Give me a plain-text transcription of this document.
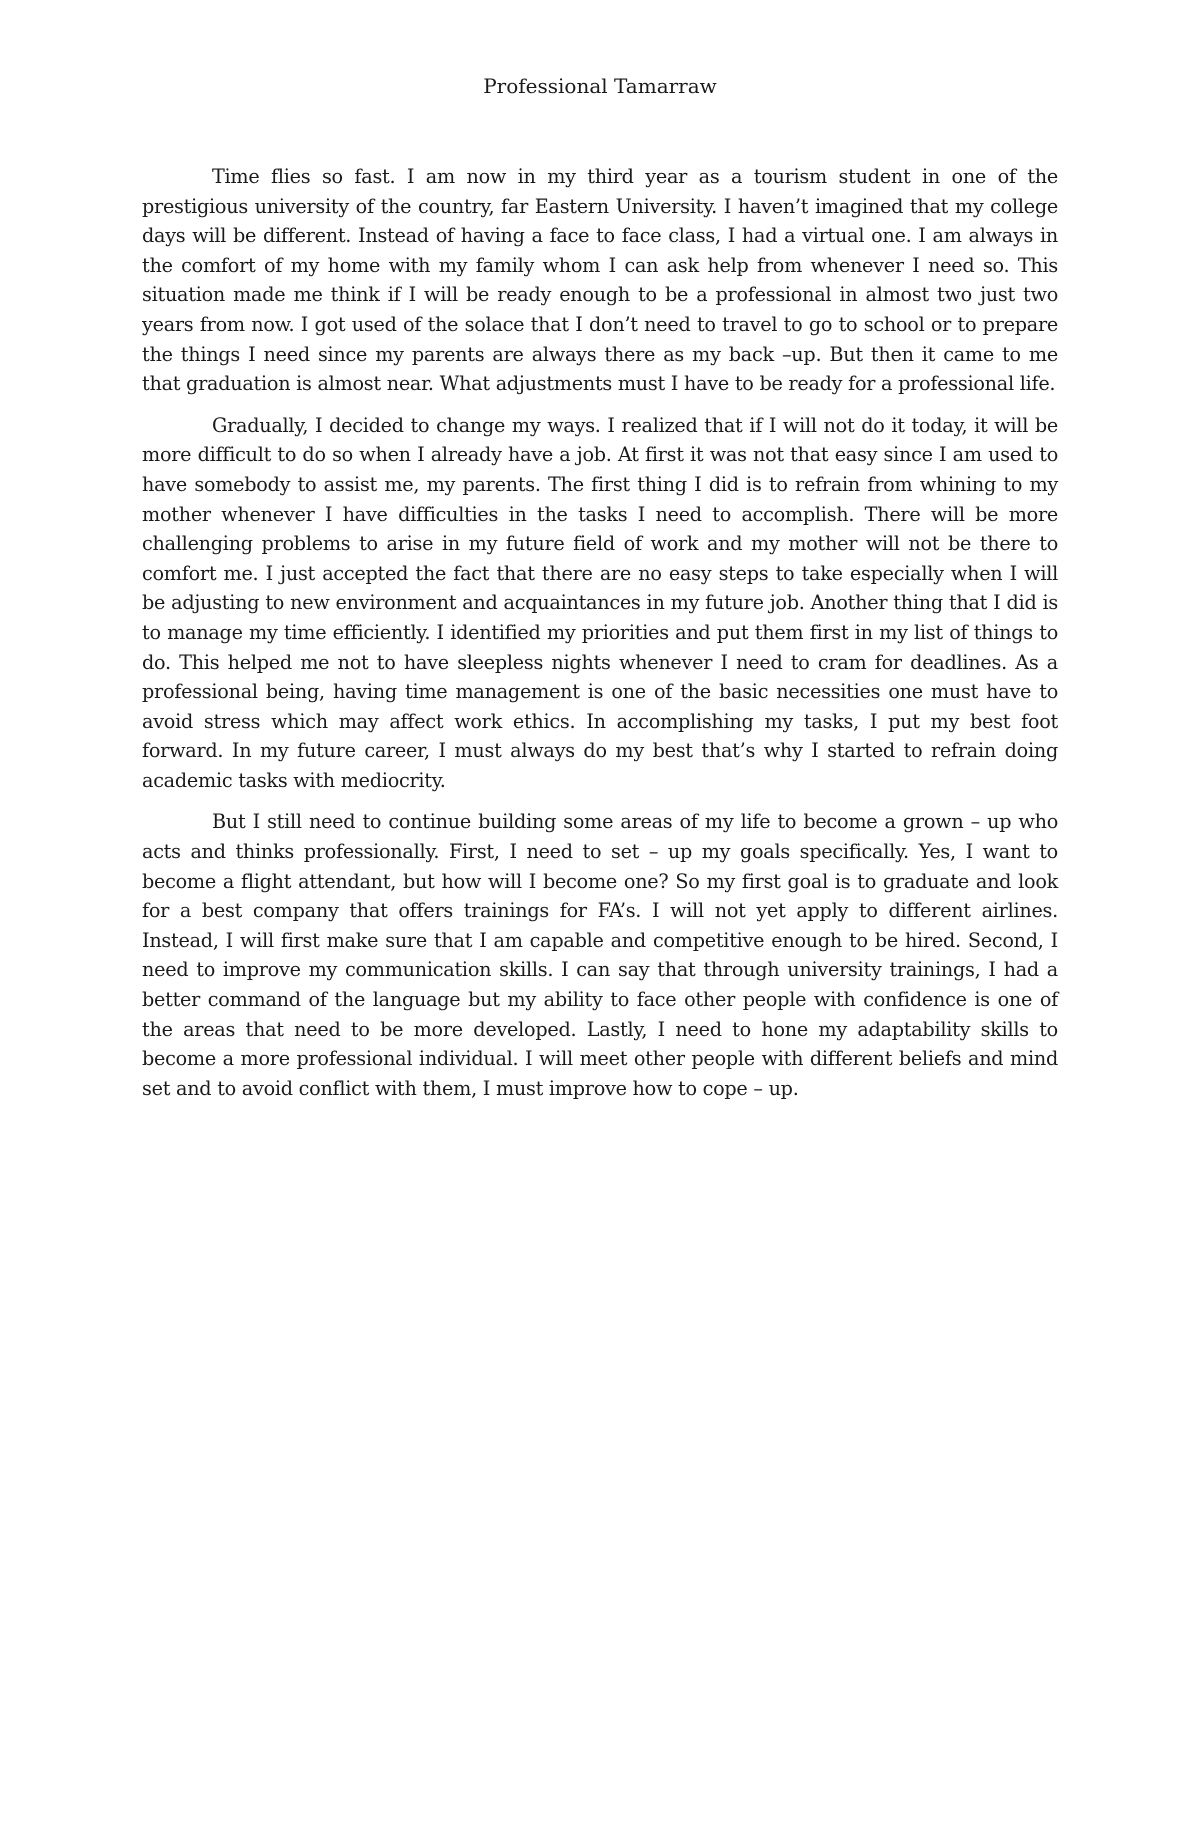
Professional Tamarraw

Time flies so fast. I am now in my third year as a tourism student in one of the prestigious university of the country, far Eastern University. I haven’t imagined that my college days will be different. Instead of having a face to face class, I had a virtual one. I am always in the comfort of my home with my family whom I can ask help from whenever I need so. This situation made me think if I will be ready enough to be a professional in almost two just two years from now. I got used of the solace that I don’t need to travel to go to school or to prepare the things I need since my parents are always there as my back –up. But then it came to me that graduation is almost near. What adjustments must I have to be ready for a professional life.

Gradually, I decided to change my ways. I realized that if I will not do it today, it will be more difficult to do so when I already have a job. At first it was not that easy since I am used to have somebody to assist me, my parents. The first thing I did is to refrain from whining to my mother whenever I have difficulties in the tasks I need to accomplish. There will be more challenging problems to arise in my future field of work and my mother will not be there to comfort me. I just accepted the fact that there are no easy steps to take especially when I will be adjusting to new environment and acquaintances in my future job. Another thing that I did is to manage my time efficiently. I identified my priorities and put them first in my list of things to do. This helped me not to have sleepless nights whenever I need to cram for deadlines. As a professional being, having time management is one of the basic necessities one must have to avoid stress which may affect work ethics. In accomplishing my tasks, I put my best foot forward. In my future career, I must always do my best that’s why I started to refrain doing academic tasks with mediocrity.

But I still need to continue building some areas of my life to become a grown – up who acts and thinks professionally. First, I need to set – up my goals specifically. Yes, I want to become a flight attendant, but how will I become one? So my first goal is to graduate and look for a best company that offers trainings for FA’s. I will not yet apply to different airlines. Instead, I will first make sure that I am capable and competitive enough to be hired. Second, I need to improve my communication skills. I can say that through university trainings, I had a better command of the language but my ability to face other people with confidence is one of the areas that need to be more developed. Lastly, I need to hone my adaptability skills to become a more professional individual. I will meet other people with different beliefs and mind set and to avoid conflict with them, I must improve how to cope – up.
